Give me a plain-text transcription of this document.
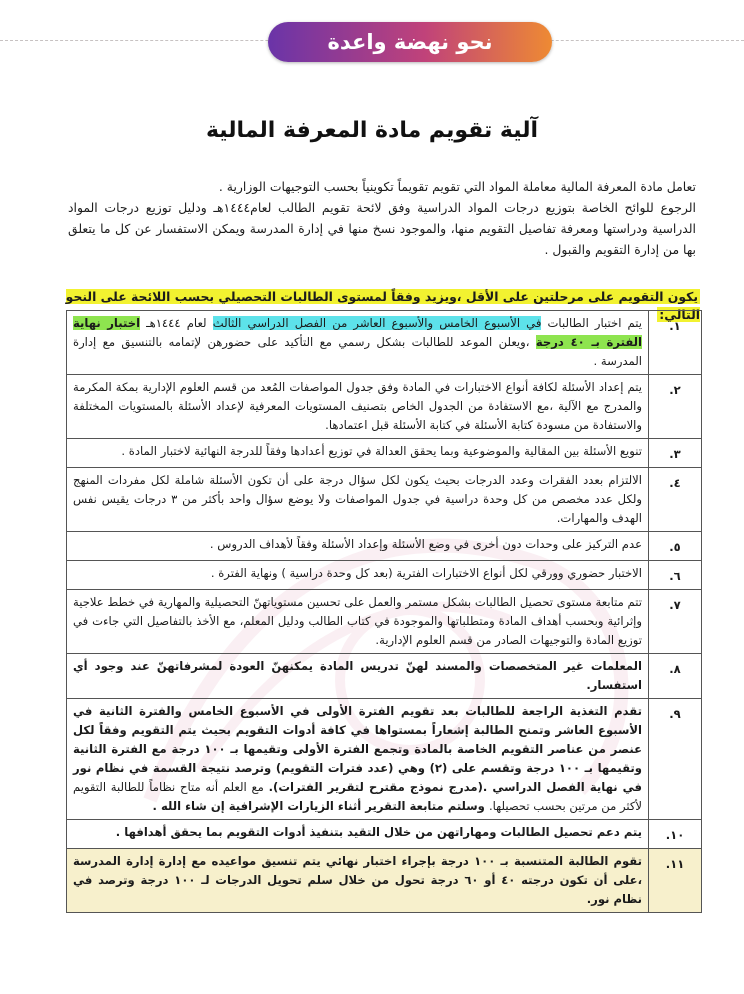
نحو نهضة واعدة
آلية تقويم مادة المعرفة المالية

تعامل مادة المعرفة المالية معاملة المواد التي تقويم تقويماً تكوينياً بحسب التوجيهات الوزارية .

الرجوع للوائح الخاصة بتوزيع درجات المواد الدراسية وفق لائحة تقويم الطالب لعام١٤٤٤هـ ودليل توزيع درجات المواد الدراسية ودراستها ومعرفة تفاصيل التقويم منها، والموجود نسخ منها في إدارة المدرسة ويمكن الاستفسار عن كل ما يتعلق بها من إدارة التقويم والقبول .

يكون التقويم على مرحلتين على الأقل ،ويزيد وفقاً لمستوى الطالبات التحصيلي بحسب اللائحة على النحو التالي:
١.	يتم اختبار الطالبات في الأسبوع الخامس والأسبوع العاشر من الفصل الدراسي الثالث لعام ١٤٤٤هـ اختبار نهاية الفترة بـ ٤٠ درجة ،ويعلن الموعد للطالبات بشكل رسمي مع التأكيد على حضورهن لإتمامه بالتنسيق مع إدارة المدرسة .
٢.	يتم إعداد الأسئلة لكافة أنواع الاختبارات في المادة وفق جدول المواصفات المُعد من قسم العلوم الإدارية بمكة المكرمة والمدرج مع الآلية ،مع الاستفادة من الجدول الخاص بتصنيف المستويات المعرفية لإعداد الأسئلة بالمستويات المختلفة والاستفادة من مسودة كتابة الأسئلة في كتابة الأسئلة قبل اعتمادها.
٣.	تنويع الأسئلة بين المقالية والموضوعية وبما يحقق العدالة في توزيع أعدادها وفقاً للدرجة النهائية لاختبار المادة .
٤.	الالتزام بعدد الفقرات وعدد الدرجات بحيث يكون لكل سؤال درجة على أن تكون الأسئلة شاملة لكل مفردات المنهج ولكل عدد مخصص من كل وحدة دراسية في جدول المواصفات ولا يوضع سؤال واحد بأكثر من ٣ درجات يقيس نفس الهدف والمهارات.
٥.	عدم التركيز على وحدات دون أخرى في وضع الأسئلة وإعداد الأسئلة وفقاً لأهداف الدروس .
٦.	الاختبار حضوري وورقي لكل أنواع الاختبارات الفترية (بعد كل وحدة دراسية ) ونهاية الفترة .
٧.	تتم متابعة مستوى تحصيل الطالبات بشكل مستمر والعمل على تحسين مستوياتهنّ التحصيلية والمهارية في خطط علاجية وإثرائية وبحسب أهداف المادة ومتطلباتها والموجودة في كتاب الطالب ودليل المعلم، مع الأخذ بالتفاصيل التي جاءت في توزيع المادة والتوجيهات الصادر من قسم العلوم الإدارية.
٨.	المعلمات غير المتخصصات والمسند لهنّ تدريس المادة يمكنهنّ العودة لمشرفاتهنّ عند وجود أي استفسار.
٩.	تقدم التغذية الراجعة للطالبات بعد تقويم الفترة الأولى في الأسبوع الخامس والفترة الثانية في الأسبوع العاشر وتمنح الطالبة إشعاراً بمستواها في كافة أدوات التقويم بحيث يتم التقويم وفقاً لكل عنصر من عناصر التقويم الخاصة بالمادة وتجمع الفترة الأولى وتقيمها بـ ١٠٠ درجة مع الفترة الثانية وتقيمها بـ ١٠٠ درجة وتقسم على (٢) وهي (عدد فترات التقويم) وترصد نتيجة القسمة في نظام نور في نهاية الفصل الدراسي .(مدرج نموذج مقترح لتقرير الفترات). مع العلم أنه متاح نظاماً للطالبة التقويم لأكثر من مرتين بحسب تحصيلها. وسلتم متابعة التقرير أثناء الزيارات الإشرافية إن شاء الله .
١٠.	يتم دعم تحصيل الطالبات ومهاراتهن من خلال التقيد بتنفيذ أدوات التقويم بما يحقق أهدافها .
١١.	تقوم الطالبة المتنسبة بـ ١٠٠ درجة بإجراء اختبار نهائي يتم تنسيق مواعيده مع إدارة إدارة المدرسة ،على أن تكون درجته ٤٠ أو ٦٠ درجة تحول من خلال سلم تحويل الدرجات لـ ١٠٠ درجة وترصد في نظام نور.
